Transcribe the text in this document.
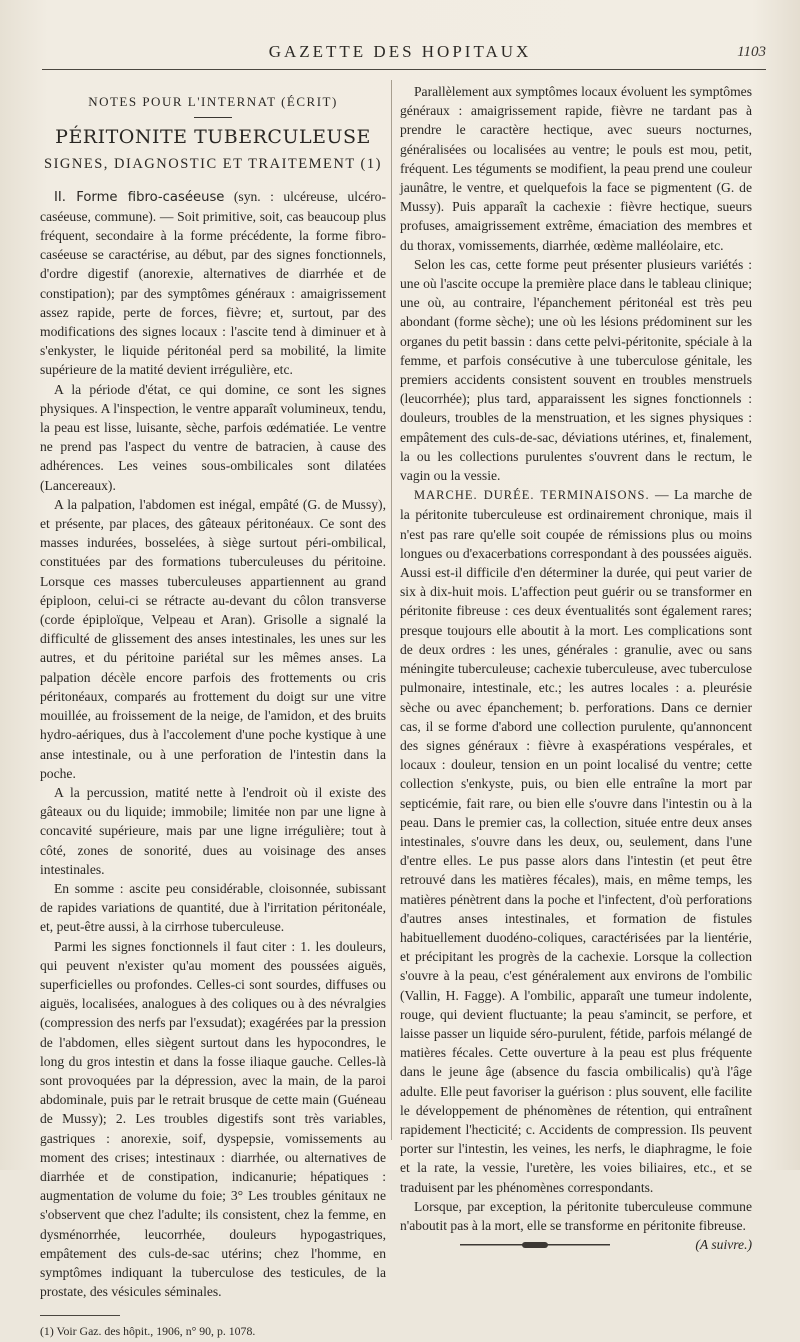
GAZETTE DES HOPITAUX	1103
NOTES POUR L'INTERNAT (ÉCRIT)
PÉRITONITE TUBERCULEUSE
SIGNES, DIAGNOSTIC ET TRAITEMENT (1)

II. Forme fibro-caséeuse (syn. : ulcéreuse, ulcéro-caséeuse, commune). — Soit primitive, soit, cas beaucoup plus fréquent, secondaire à la forme précédente, la forme fibro-caséeuse se caractérise, au début, par des signes fonctionnels, d'ordre digestif (anorexie, alternatives de diarrhée et de constipation); par des symptômes généraux : amaigrissement assez rapide, perte de forces, fièvre; et, surtout, par des modifications des signes locaux : l'ascite tend à diminuer et à s'enkyster, le liquide péritonéal perd sa mobilité, la limite supérieure de la matité devient irrégulière, etc.

A la période d'état, ce qui domine, ce sont les signes physiques. A l'inspection, le ventre apparaît volumineux, tendu, la peau est lisse, luisante, sèche, parfois œdématiée. Le ventre ne prend pas l'aspect du ventre de batracien, à cause des adhérences. Les veines sous-ombilicales sont dilatées (Lancereaux).

A la palpation, l'abdomen est inégal, empâté (G. de Mussy), et présente, par places, des gâteaux péritonéaux. Ce sont des masses indurées, bosselées, à siège surtout péri-ombilical, constituées par des formations tuberculeuses du péritoine. Lorsque ces masses tuberculeuses appartiennent au grand épiploon, celui-ci se rétracte au-devant du côlon transverse (corde épiploïque, Velpeau et Aran). Grisolle a signalé la difficulté de glissement des anses intestinales, les unes sur les autres, et du péritoine pariétal sur les mêmes anses. La palpation décèle encore parfois des frottements ou cris péritonéaux, comparés au frottement du doigt sur une vitre mouillée, au froissement de la neige, de l'amidon, et des bruits hydro-aériques, dus à l'accolement d'une poche kystique à une anse intestinale, ou à une perforation de l'intestin dans la poche.

A la percussion, matité nette à l'endroit où il existe des gâteaux ou du liquide; immobile; limitée non par une ligne à concavité supérieure, mais par une ligne irrégulière; tout à côté, zones de sonorité, dues au voisinage des anses intestinales.

En somme : ascite peu considérable, cloisonnée, subissant de rapides variations de quantité, due à l'irritation péritonéale, et, peut-être aussi, à la cirrhose tuberculeuse.

Parmi les signes fonctionnels il faut citer : 1. les douleurs, qui peuvent n'exister qu'au moment des poussées aiguës, superficielles ou profondes. Celles-ci sont sourdes, diffuses ou aiguës, localisées, analogues à des coliques ou à des névralgies (compression des nerfs par l'exsudat); exagérées par la pression de l'abdomen, elles siègent surtout dans les hypocondres, le long du gros intestin et dans la fosse iliaque gauche. Celles-là sont provoquées par la dépression, avec la main, de la paroi abdominale, puis par le retrait brusque de cette main (Guéneau de Mussy); 2. Les troubles digestifs sont très variables, gastriques : anorexie, soif, dyspepsie, vomissements au moment des crises; intestinaux : diarrhée, ou alternatives de diarrhée et de constipation, indicanurie; hépatiques : augmentation de volume du foie; 3° Les troubles génitaux ne s'observent que chez l'adulte; ils consistent, chez la femme, en dysménorrhée, leucorrhée, douleurs hypogastriques, empâtement des culs-de-sac utérins; chez l'homme, en symptômes indiquant la tuberculose des testicules, de la prostate, des vésicules séminales.

(1) Voir Gaz. des hôpit., 1906, n° 90, p. 1078.

Parallèlement aux symptômes locaux évoluent les symptômes généraux : amaigrissement rapide, fièvre ne tardant pas à prendre le caractère hectique, avec sueurs nocturnes, généralisées ou localisées au ventre; le pouls est mou, petit, fréquent. Les téguments se modifient, la peau prend une couleur jaunâtre, le ventre, et quelquefois la face se pigmentent (G. de Mussy). Puis apparaît la cachexie : fièvre hectique, sueurs profuses, amaigrissement extrême, émaciation des membres et du thorax, vomissements, diarrhée, œdème malléolaire, etc.

Selon les cas, cette forme peut présenter plusieurs variétés : une où l'ascite occupe la première place dans le tableau clinique; une où, au contraire, l'épanchement péritonéal est très peu abondant (forme sèche); une où les lésions prédominent sur les organes du petit bassin : dans cette pelvi-péritonite, spéciale à la femme, et parfois consécutive à une tuberculose génitale, les premiers accidents consistent souvent en troubles menstruels (leucorrhée); plus tard, apparaissent les signes fonctionnels : douleurs, troubles de la menstruation, et les signes physiques : empâtement des culs-de-sac, déviations utérines, et, finalement, la ou les collections purulentes s'ouvrent dans le rectum, le vagin ou la vessie.

MARCHE. DURÉE. TERMINAISONS. — La marche de la péritonite tuberculeuse est ordinairement chronique, mais il n'est pas rare qu'elle soit coupée de rémissions plus ou moins longues ou d'exacerbations correspondant à des poussées aiguës. Aussi est-il difficile d'en déterminer la durée, qui peut varier de six à dix-huit mois. L'affection peut guérir ou se transformer en péritonite fibreuse : ces deux éventualités sont également rares; presque toujours elle aboutit à la mort. Les complications sont de deux ordres : les unes, générales : granulie, avec ou sans méningite tuberculeuse; cachexie tuberculeuse, avec tuberculose pulmonaire, intestinale, etc.; les autres locales : a. pleurésie sèche ou avec épanchement; b. perforations. Dans ce dernier cas, il se forme d'abord une collection purulente, qu'annoncent des signes généraux : fièvre à exaspérations vespérales, et locaux : douleur, tension en un point localisé du ventre; cette collection s'enkyste, puis, ou bien elle entraîne la mort par septicémie, fait rare, ou bien elle s'ouvre dans l'intestin ou à la peau. Dans le premier cas, la collection, située entre deux anses intestinales, s'ouvre dans les deux, ou, seulement, dans l'une d'entre elles. Le pus passe alors dans l'intestin (et peut être retrouvé dans les matières fécales), mais, en même temps, les matières pénètrent dans la poche et l'infectent, d'où perforations d'autres anses intestinales, et formation de fistules habituellement duodéno-coliques, caractérisées par la lientérie, et précipitant les progrès de la cachexie. Lorsque la collection s'ouvre à la peau, c'est généralement aux environs de l'ombilic (Vallin, H. Fagge). A l'ombilic, apparaît une tumeur indolente, rouge, qui devient fluctuante; la peau s'amincit, se perfore, et laisse passer un liquide séro-purulent, fétide, parfois mélangé de matières fécales. Cette ouverture à la peau est plus fréquente dans le jeune âge (absence du fascia ombilicalis) qu'à l'âge adulte. Elle peut favoriser la guérison : plus souvent, elle facilite le développement de phénomènes de rétention, qui entraînent rapidement l'hecticité; c. Accidents de compression. Ils peuvent porter sur l'intestin, les veines, les nerfs, le diaphragme, le foie et la rate, la vessie, l'uretère, les voies biliaires, etc., et se traduisent par les phénomènes correspondants.

Lorsque, par exception, la péritonite tuberculeuse commune n'aboutit pas à la mort, elle se transforme en péritonite fibreuse.

(A suivre.)
